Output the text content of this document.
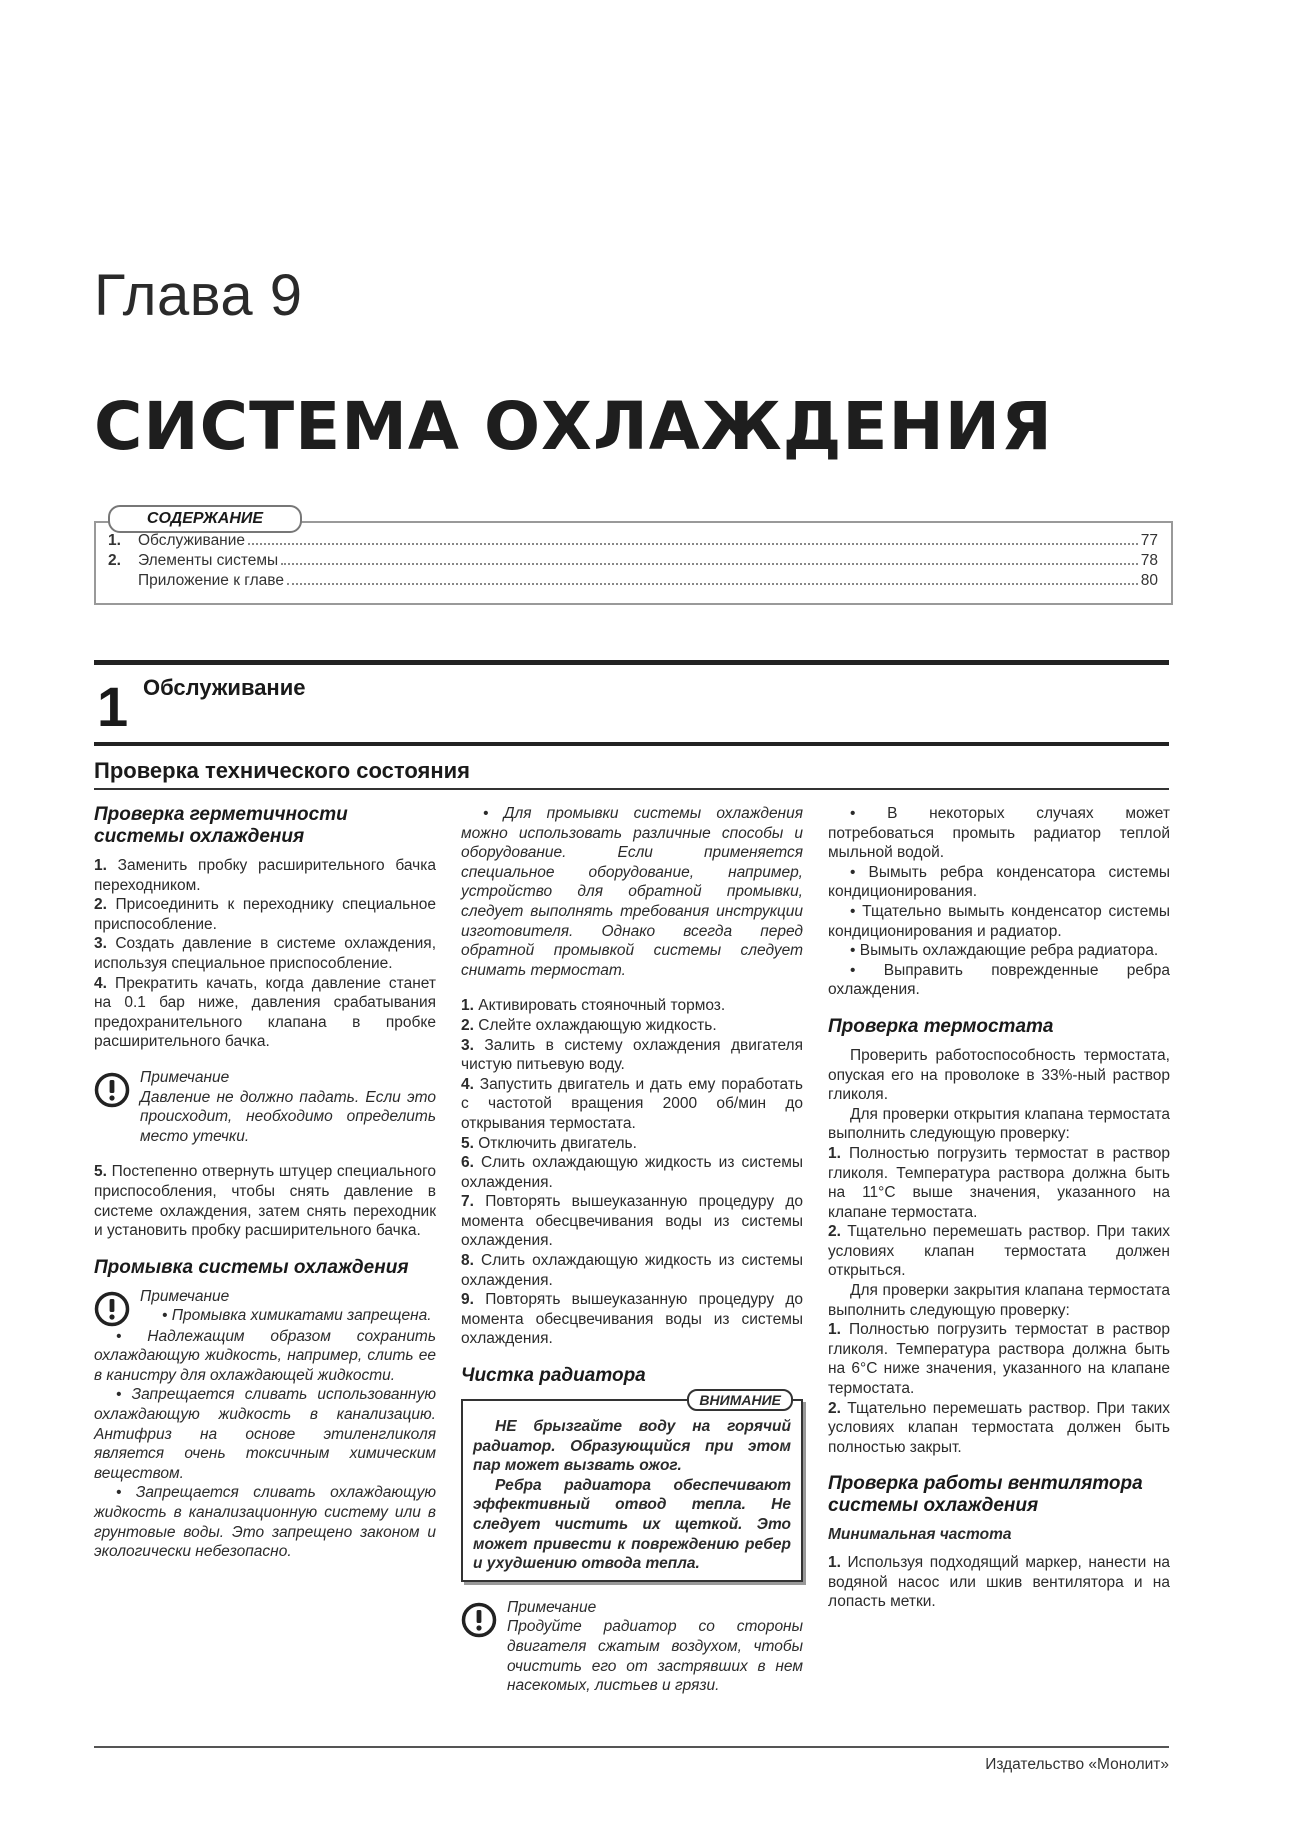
Глава 9
СИСТЕМА ОХЛАЖДЕНИЯ
СОДЕРЖАНИЕ
1.	Обслуживание	77
2.	Элементы системы	78
Приложение к главе	80
1 Обслуживание
Проверка технического состояния
Проверка герметичности системы охлаждения

1. Заменить пробку расширительного бачка переходником.

2. Присоединить к переходнику специальное приспособление.

3. Создать давление в системе охлаждения, используя специальное приспособление.

4. Прекратить качать, когда давление станет на 0.1 бар ниже, давления срабатывания предохранительного клапана в пробке расширительного бачка.

Примечание
Давление не должно падать. Если это происходит, необходимо определить место утечки.

5. Постепенно отвернуть штуцер специального приспособления, чтобы снять давление в системе охлаждения, затем снять переходник и установить пробку расширительного бачка.

Промывка системы охлаждения
Примечание

• Промывка химикатами запрещена.

• Надлежащим образом сохранить охлаждающую жидкость, например, слить ее в канистру для охлаждающей жидкости.

• Запрещается сливать использованную охлаждающую жидкость в канализацию. Антифриз на основе этиленгликоля является очень токсичным химическим веществом.

• Запрещается сливать охлаждающую жидкость в канализационную систему или в грунтовые воды. Это запрещено законом и экологически небезопасно.

• Для промывки системы охлаждения можно использовать различные способы и оборудование. Если применяется специальное оборудование, например, устройство для обратной промывки, следует выполнять требования инструкции изготовителя. Однако всегда перед обратной промывкой системы следует снимать термостат.

1. Активировать стояночный тормоз.

2. Слейте охлаждающую жидкость.

3. Залить в систему охлаждения двигателя чистую питьевую воду.

4. Запустить двигатель и дать ему поработать с частотой вращения 2000 об/мин до открывания термостата.

5. Отключить двигатель.

6. Слить охлаждающую жидкость из системы охлаждения.

7. Повторять вышеуказанную процедуру до момента обесцвечивания воды из системы охлаждения.

8. Слить охлаждающую жидкость из системы охлаждения.

9. Повторять вышеуказанную процедуру до момента обесцвечивания воды из системы охлаждения.

Чистка радиатора
ВНИМАНИЕ

НЕ брызгайте воду на горячий радиатор. Образующийся при этом пар может вызвать ожог.

Ребра радиатора обеспечивают эффективный отвод тепла. Не следует чистить их щеткой. Это может привести к повреждению ребер и ухудшению отвода тепла.

Примечание
Продуйте радиатор со стороны двигателя сжатым воздухом, чтобы очистить его от застрявших в нем насекомых, листьев и грязи.

• В некоторых случаях может потребоваться промыть радиатор теплой мыльной водой.

• Вымыть ребра конденсатора системы кондиционирования.

• Тщательно вымыть конденсатор системы кондиционирования и радиатор.

• Вымыть охлаждающие ребра радиатора.

• Выправить поврежденные ребра охлаждения.

Проверка термостата

Проверить работоспособность термостата, опуская его на проволоке в 33%-ный раствор гликоля.

Для проверки открытия клапана термостата выполнить следующую проверку:

1. Полностью погрузить термостат в раствор гликоля. Температура раствора должна быть на 11°C выше значения, указанного на клапане термостата.

2. Тщательно перемешать раствор. При таких условиях клапан термостата должен открыться.

Для проверки закрытия клапана термостата выполнить следующую проверку:

1. Полностью погрузить термостат в раствор гликоля. Температура раствора должна быть на 6°C ниже значения, указанного на клапане термостата.

2. Тщательно перемешать раствор. При таких условиях клапан термостата должен быть полностью закрыт.

Проверка работы вентилятора системы охлаждения
Минимальная частота

1. Используя подходящий маркер, нанести на водяной насос или шкив вентилятора и на лопасть метки.

Издательство «Монолит»
